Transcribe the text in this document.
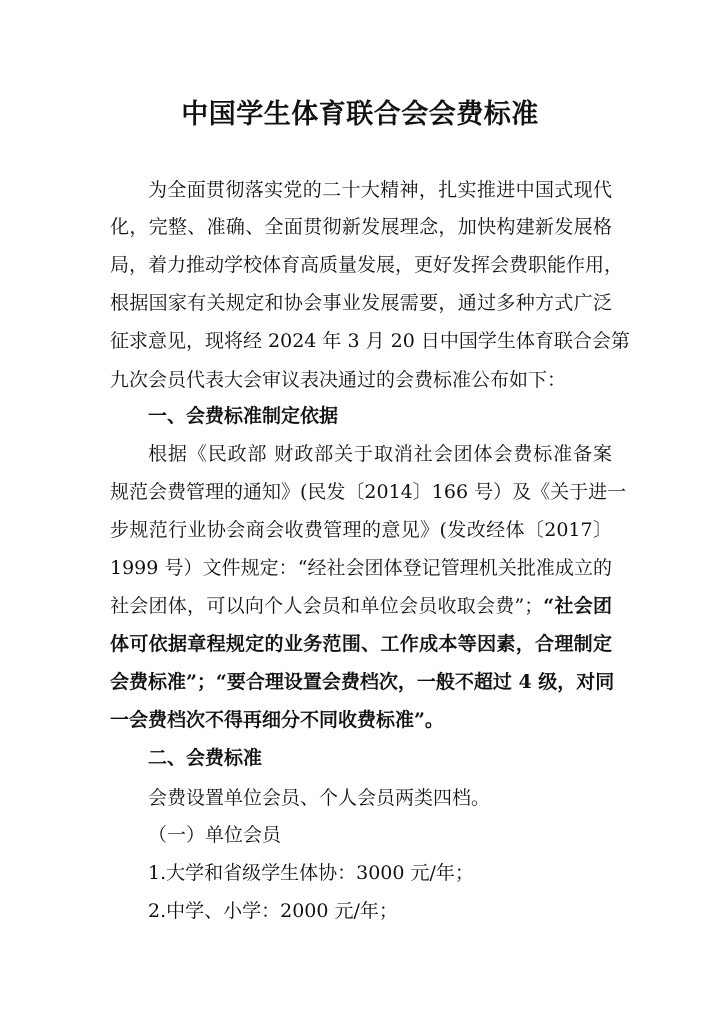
中国学生体育联合会会费标准
为全面贯彻落实党的二十大精神，扎实推进中国式现代
化，完整、准确、全面贯彻新发展理念，加快构建新发展格
局，着力推动学校体育高质量发展，更好发挥会费职能作用，
根据国家有关规定和协会事业发展需要，通过多种方式广泛
征求意见，现将经 2024 年 3 月 20 日中国学生体育联合会第
九次会员代表大会审议表决通过的会费标准公布如下：
一、会费标准制定依据
根据《民政部 财政部关于取消社会团体会费标准备案
规范会费管理的通知》(民发〔2014〕166 号）及《关于进一
步规范行业协会商会收费管理的意见》(发改经体〔2017〕
1999 号）文件规定：“经社会团体登记管理机关批准成立的
社会团体，可以向个人会员和单位会员收取会费”；“社会团
体可依据章程规定的业务范围、工作成本等因素，合理制定
会费标准”；“要合理设置会费档次，一般不超过 4 级，对同
一会费档次不得再细分不同收费标准”。
二、会费标准
会费设置单位会员、个人会员两类四档。
（一）单位会员
1.大学和省级学生体协：3000 元/年；
2.中学、小学：2000 元/年；
